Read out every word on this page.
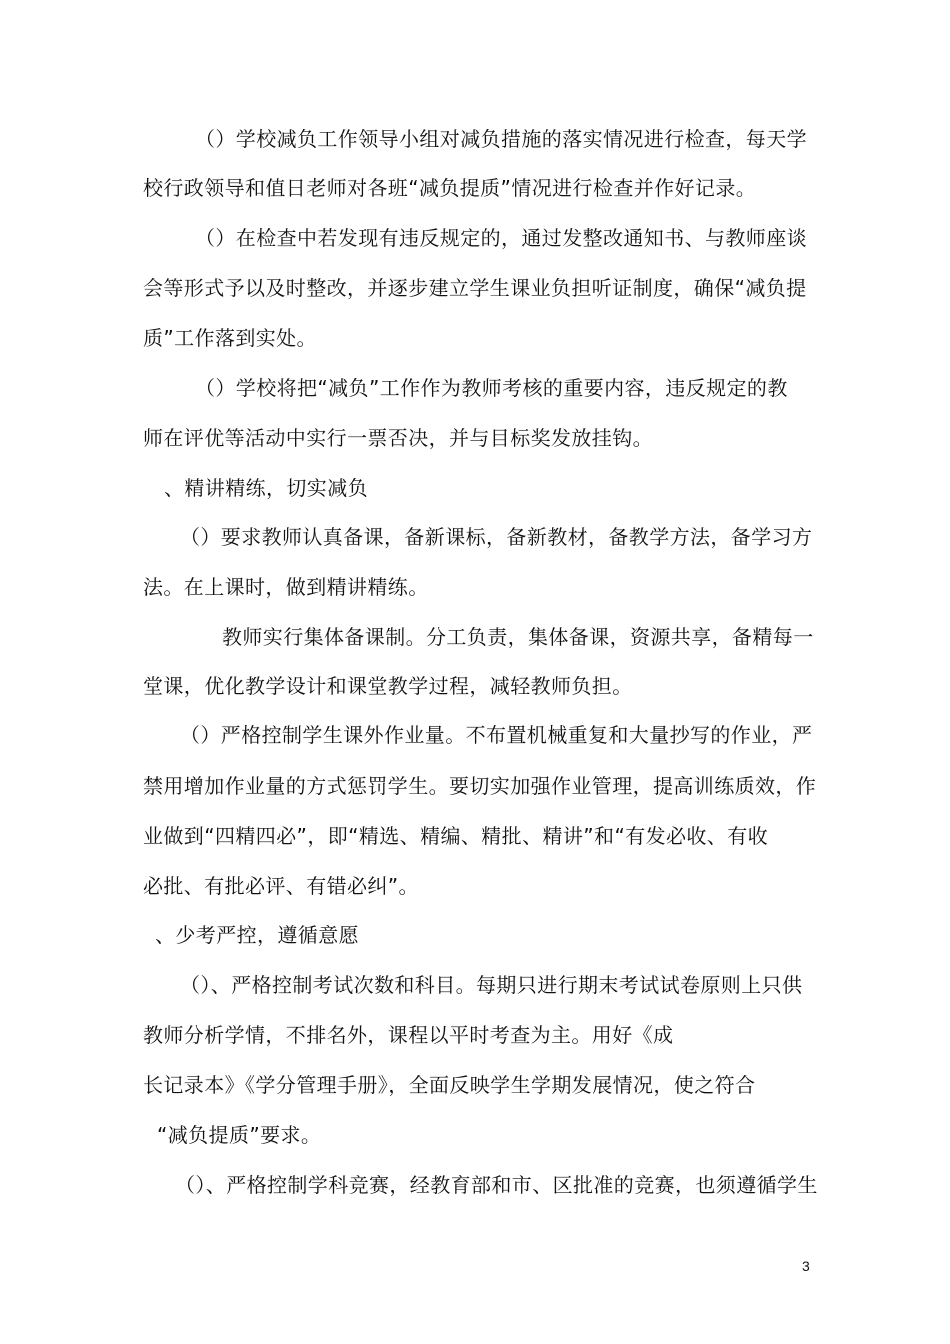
（）学校减负工作领导小组对减负措施的落实情况进行检查，每天学
校行政领导和值日老师对各班“减负提质”情况进行检查并作好记录。
（）在检查中若发现有违反规定的，通过发整改通知书、与教师座谈
会等形式予以及时整改，并逐步建立学生课业负担听证制度，确保“减负提
质”工作落到实处。
（）学校将把“减负”工作作为教师考核的重要内容，违反规定的教
师在评优等活动中实行一票否决，并与目标奖发放挂钩。
、精讲精练，切实减负
（）要求教师认真备课，备新课标，备新教材，备教学方法，备学习方
法。在上课时，做到精讲精练。
教师实行集体备课制。分工负责，集体备课，资源共享，备精每一
堂课，优化教学设计和课堂教学过程，减轻教师负担。
（）严格控制学生课外作业量。不布置机械重复和大量抄写的作业，严
禁用增加作业量的方式惩罚学生。要切实加强作业管理，提高训练质效，作
业做到“四精四必”，即“精选、精编、精批、精讲”和“有发必收、有收
必批、有批必评、有错必纠”。
、少考严控，遵循意愿
（）、严格控制考试次数和科目。每期只进行期末考试试卷原则上只供
教师分析学情，不排名外，课程以平时考查为主。用好《成
长记录本》《学分管理手册》，全面反映学生学期发展情况，使之符合
“减负提质”要求。
（）、严格控制学科竞赛，经教育部和市、区批准的竞赛，也须遵循学生
3
